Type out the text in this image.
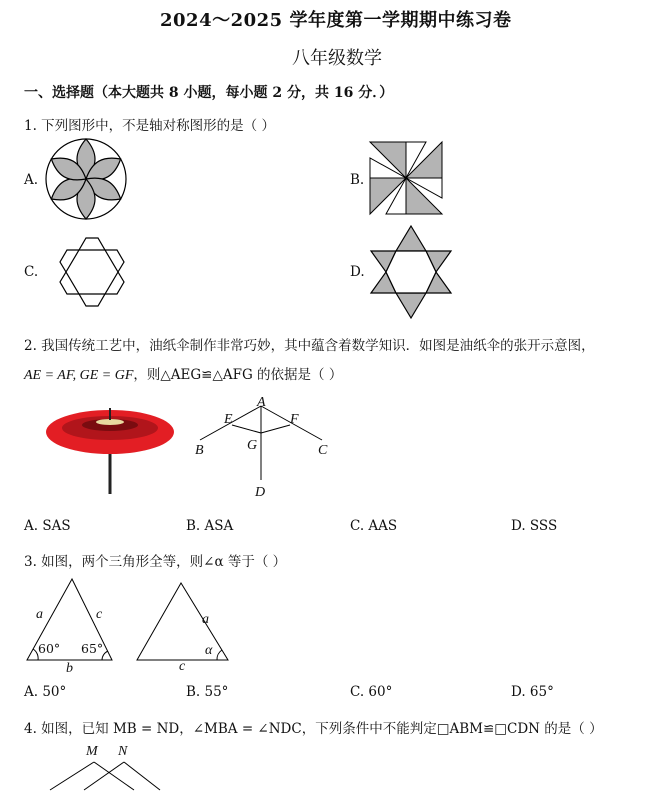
2024～2025 学年度第一学期期中练习卷
八年级数学
一、选择题（本大题共 8 小题，每小题 2 分，共 16 分．）
1. 下列图形中，不是轴对称图形的是（ ）
A.	B.
C.	D.
2. 我国传统工艺中，油纸伞制作非常巧妙，其中蕴含着数学知识．如图是油纸伞的张开示意图，
AE = AF, GE = GF，则△AEG≌△AFG 的依据是（ ）
A
E	F
G
B	C
D
A. SAS	B. ASA	C. AAS	D. SSS
3. 如图，两个三角形全等，则∠α 等于（ ）
a	c
b
60° 65°
a
c
α
A. 50°	B. 55°	C. 60°	D. 65°
4. 如图，已知 MB = ND，∠MBA = ∠NDC，下列条件中不能判定□ABM≌□CDN 的是（ ）
M N
